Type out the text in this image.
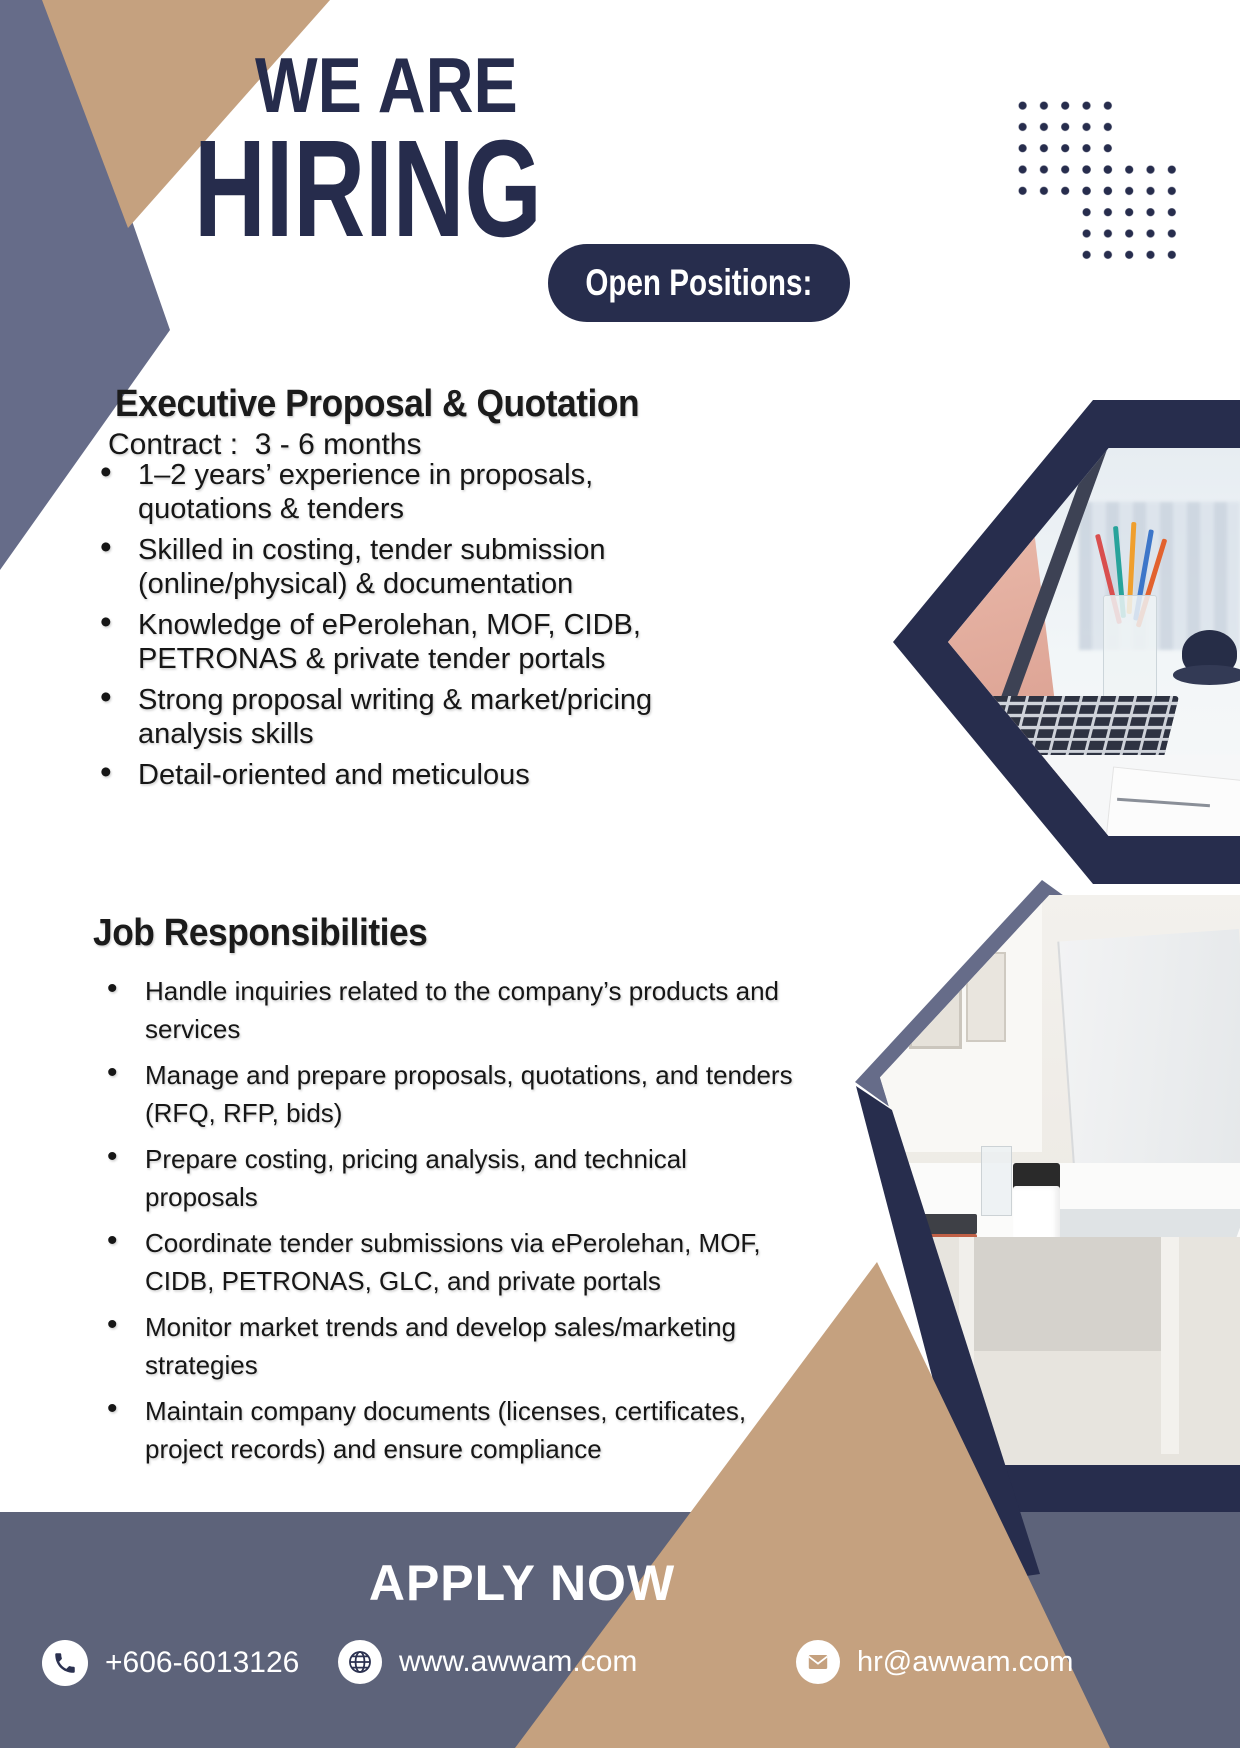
WE ARE
HIRING
Open Positions:
Executive Proposal & Quotation
Contract :  3 - 6 months
• 1–2 years’ experience in proposals, quotations & tenders
• Skilled in costing, tender submission (online/physical) & documentation
• Knowledge of ePerolehan, MOF, CIDB, PETRONAS & private tender portals
• Strong proposal writing & market/pricing analysis skills
• Detail-oriented and meticulous
Job Responsibilities
• Handle inquiries related to the company’s products and services
• Manage and prepare proposals, quotations, and tenders (RFQ, RFP, bids)
• Prepare costing, pricing analysis, and technical proposals
• Coordinate tender submissions via ePerolehan, MOF, CIDB, PETRONAS, GLC, and private portals
• Monitor market trends and develop sales/marketing strategies
• Maintain company documents (licenses, certificates, project records) and ensure compliance
APPLY NOW
+606-6013126	www.awwam.com	hr@awwam.com
